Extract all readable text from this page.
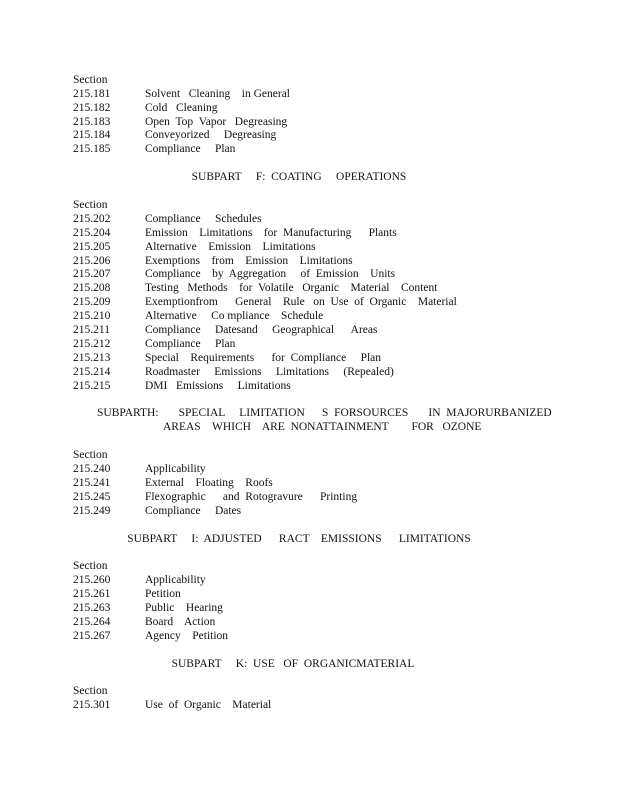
Section
215.181	Solvent   Cleaning    in General
215.182	Cold   Cleaning
215.183	Open  Top  Vapor   Degreasing
215.184	Conveyorized     Degreasing
215.185	Compliance     Plan
SUBPART     F:  COATING     OPERATIONS
Section
215.202	Compliance     Schedules
215.204	Emission    Limitations    for  Manufacturing      Plants
215.205	Alternative    Emission    Limitations
215.206	Exemptions    from    Emission    Limitations
215.207	Compliance    by  Aggregation     of  Emission    Units
215.208	Testing   Methods    for  Volatile   Organic    Material    Content
215.209	Exemptionfrom      General    Rule   on  Use  of  Organic    Material
215.210	Alternative     Co mpliance    Schedule
215.211	Compliance     Datesand     Geographical      Areas
215.212	Compliance     Plan
215.213	Special    Requirements      for  Compliance     Plan
215.214	Roadmaster     Emissions     Limitations     (Repealed)
215.215	DMI   Emissions     Limitations
SUBPARTH:       SPECIAL     LIMITATION      S  FORSOURCES       IN  MAJORURBANIZED
AREAS    WHICH    ARE  NONATTAINMENT        FOR   OZONE
Section
215.240	Applicability
215.241	External    Floating    Roofs
215.245	Flexographic      and  Rotogravure      Printing
215.249	Compliance     Dates
SUBPART     I:  ADJUSTED      RACT    EMISSIONS      LIMITATIONS
Section
215.260	Applicability
215.261	Petition
215.263	Public    Hearing
215.264	Board    Action
215.267	Agency    Petition
SUBPART     K:  USE   OF  ORGANICMATERIAL
Section
215.301	Use  of  Organic    Material
